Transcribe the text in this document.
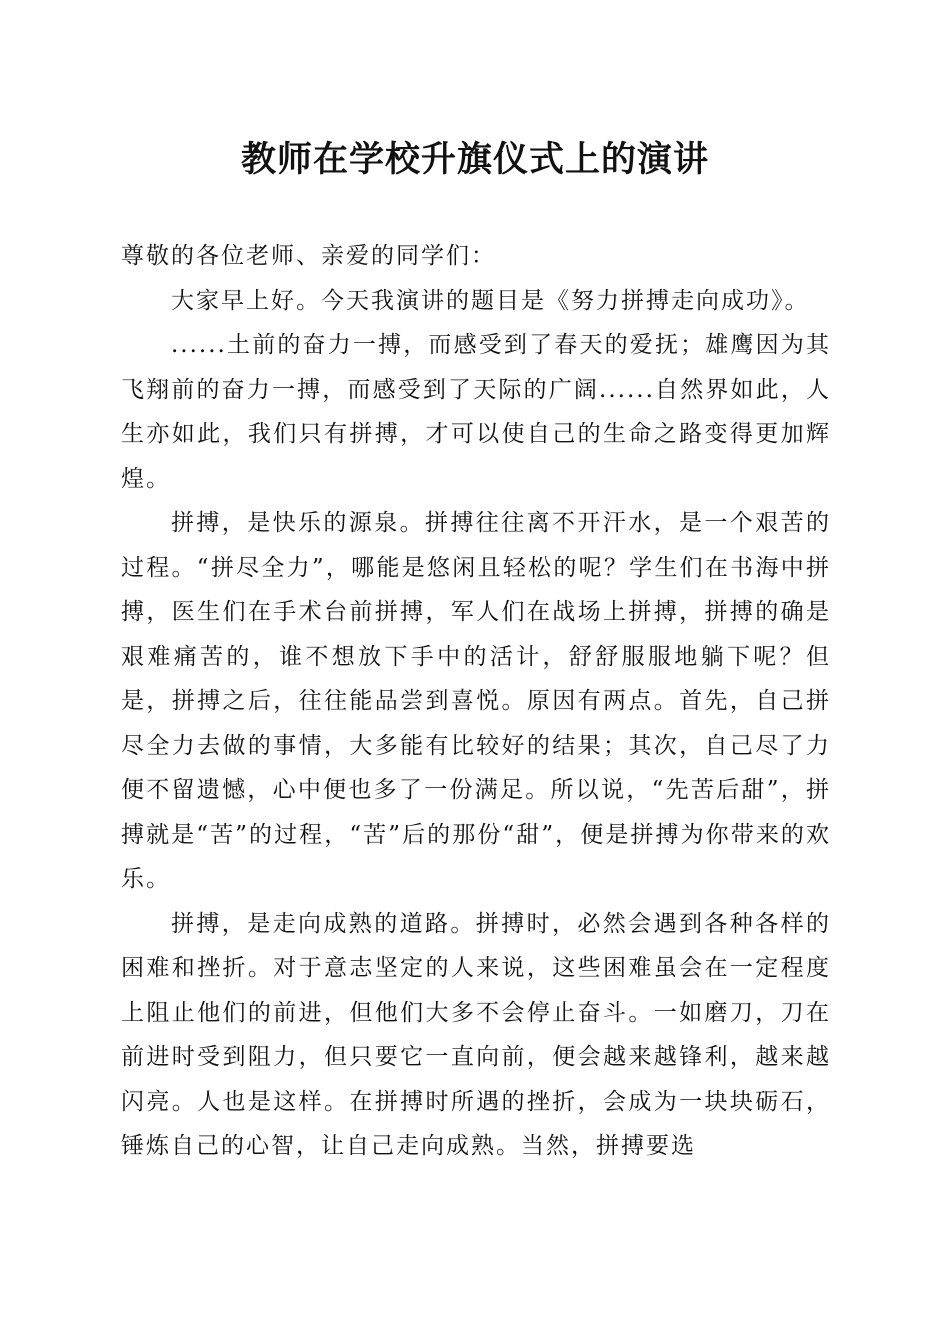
教师在学校升旗仪式上的演讲

尊敬的各位老师、亲爱的同学们：

大家早上好。今天我演讲的题目是《努力拼搏走向成功》。

......土前的奋力一搏，而感受到了春天的爱抚；雄鹰因为其飞翔前的奋力一搏，而感受到了天际的广阔......自然界如此，人生亦如此，我们只有拼搏，才可以使自己的生命之路变得更加辉煌。

拼搏，是快乐的源泉。拼搏往往离不开汗水，是一个艰苦的过程。“拼尽全力”，哪能是悠闲且轻松的呢？学生们在书海中拼搏，医生们在手术台前拼搏，军人们在战场上拼搏，拼搏的确是艰难痛苦的，谁不想放下手中的活计，舒舒服服地躺下呢？但是，拼搏之后，往往能品尝到喜悦。原因有两点。首先，自己拼尽全力去做的事情，大多能有比较好的结果；其次，自己尽了力便不留遗憾，心中便也多了一份满足。所以说，“先苦后甜”，拼搏就是“苦”的过程，“苦”后的那份“甜”，便是拼搏为你带来的欢乐。

拼搏，是走向成熟的道路。拼搏时，必然会遇到各种各样的困难和挫折。对于意志坚定的人来说，这些困难虽会在一定程度上阻止他们的前进，但他们大多不会停止奋斗。一如磨刀，刀在前进时受到阻力，但只要它一直向前，便会越来越锋利，越来越闪亮。人也是这样。在拼搏时所遇的挫折，会成为一块块砺石，锤炼自己的心智，让自己走向成熟。当然，拼搏要选
